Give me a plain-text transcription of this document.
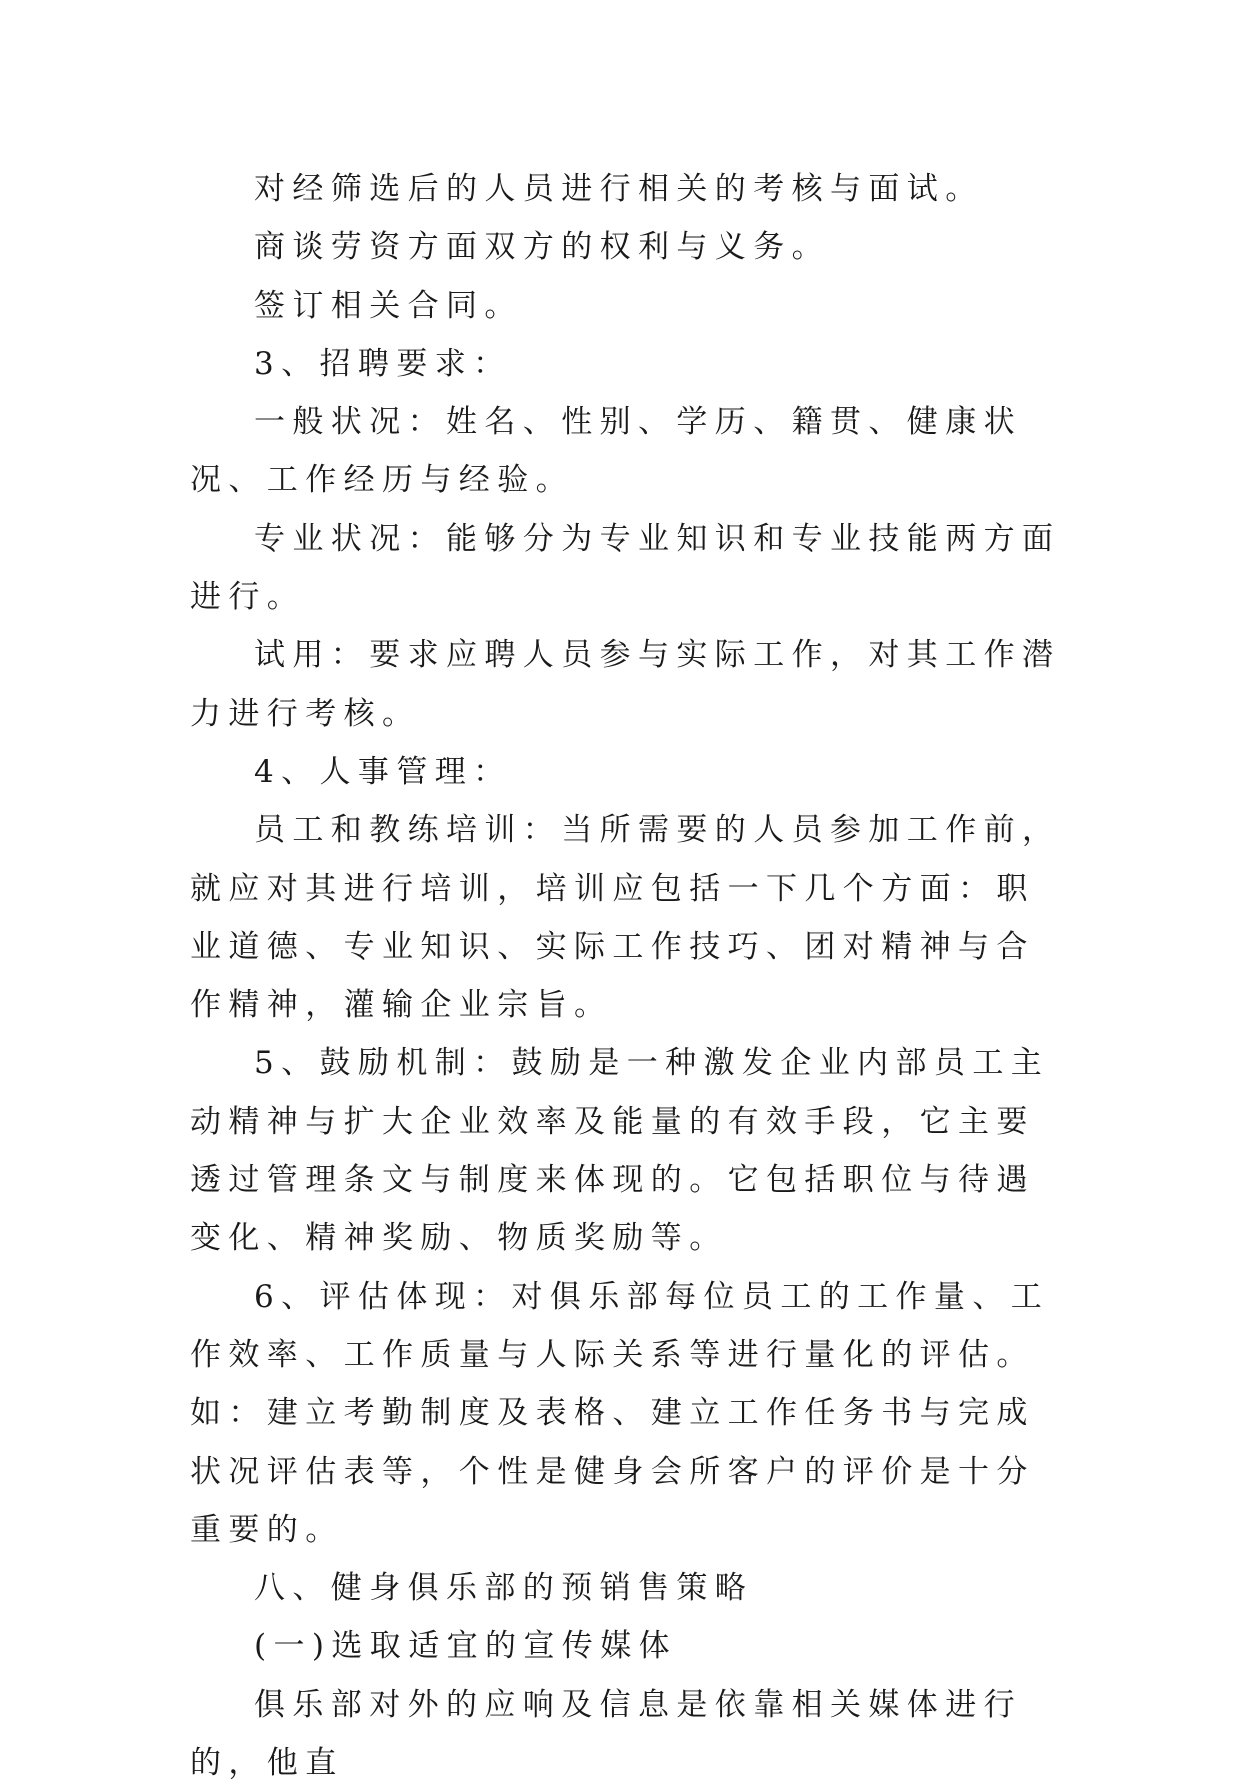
对经筛选后的人员进行相关的考核与面试。

商谈劳资方面双方的权利与义务。

签订相关合同。

3、招聘要求：

一般状况：姓名、性别、学历、籍贯、健康状况、工作经历与经验。

专业状况：能够分为专业知识和专业技能两方面进行。

试用：要求应聘人员参与实际工作，对其工作潜力进行考核。

4、人事管理：

员工和教练培训：当所需要的人员参加工作前，就应对其进行培训，培训应包括一下几个方面：职业道德、专业知识、实际工作技巧、团对精神与合作精神，灌输企业宗旨。

5、鼓励机制：鼓励是一种激发企业内部员工主动精神与扩大企业效率及能量的有效手段，它主要透过管理条文与制度来体现的。它包括职位与待遇变化、精神奖励、物质奖励等。

6、评估体现：对俱乐部每位员工的工作量、工作效率、工作质量与人际关系等进行量化的评估。如：建立考勤制度及表格、建立工作任务书与完成状况评估表等，个性是健身会所客户的评价是十分重要的。

八、健身俱乐部的预销售策略

(一)选取适宜的宣传媒体

俱乐部对外的应响及信息是依靠相关媒体进行的，他直
